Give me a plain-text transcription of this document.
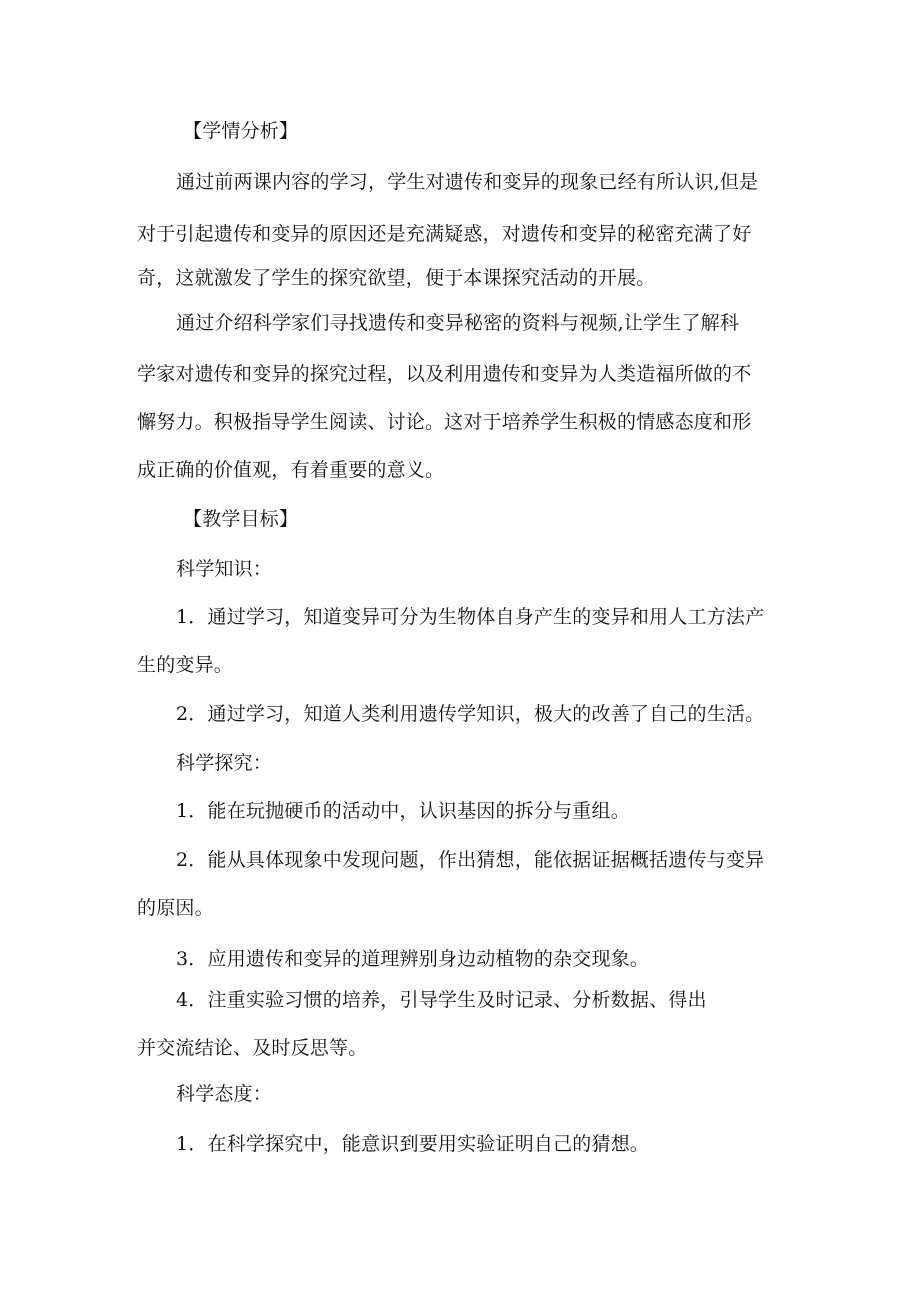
【学情分析】
通过前两课内容的学习，学生对遗传和变异的现象已经有所认识,但是
对于引起遗传和变异的原因还是充满疑惑，对遗传和变异的秘密充满了好
奇，这就激发了学生的探究欲望，便于本课探究活动的开展。
通过介绍科学家们寻找遗传和变异秘密的资料与视频,让学生了解科
学家对遗传和变异的探究过程，以及利用遗传和变异为人类造福所做的不
懈努力。积极指导学生阅读、讨论。这对于培养学生积极的情感态度和形
成正确的价值观，有着重要的意义。
【教学目标】
科学知识：
1．通过学习，知道变异可分为生物体自身产生的变异和用人工方法产
生的变异。
2．通过学习，知道人类利用遗传学知识，极大的改善了自己的生活。
科学探究：
1．能在玩抛硬币的活动中，认识基因的拆分与重组。
2．能从具体现象中发现问题，作出猜想，能依据证据概括遗传与变异
的原因。
3．应用遗传和变异的道理辨别身边动植物的杂交现象。
4．注重实验习惯的培养，引导学生及时记录、分析数据、得出
并交流结论、及时反思等。
科学态度：
1．在科学探究中，能意识到要用实验证明自己的猜想。
